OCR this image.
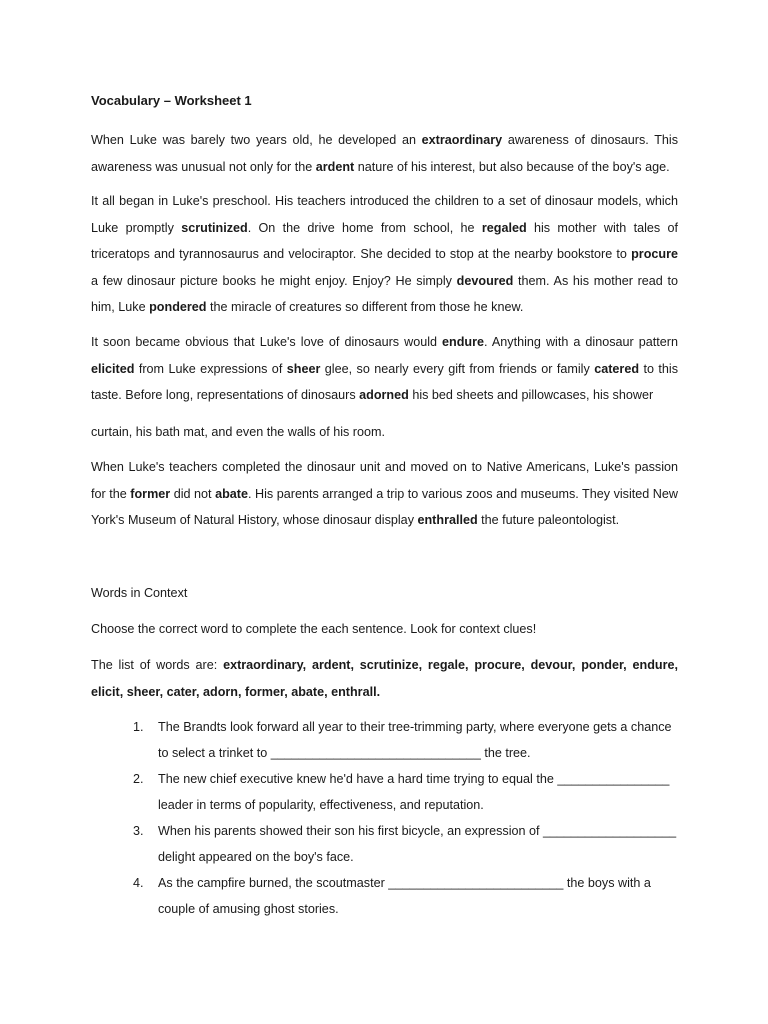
Vocabulary – Worksheet 1

When Luke was barely two years old, he developed an extraordinary awareness of dinosaurs. This awareness was unusual not only for the ardent nature of his interest, but also because of the boy's age.

It all began in Luke's preschool. His teachers introduced the children to a set of dinosaur models, which Luke promptly scrutinized. On the drive home from school, he regaled his mother with tales of triceratops and tyrannosaurus and velociraptor. She decided to stop at the nearby bookstore to procure a few dinosaur picture books he might enjoy. Enjoy? He simply devoured them. As his mother read to him, Luke pondered the miracle of creatures so different from those he knew.

It soon became obvious that Luke's love of dinosaurs would endure. Anything with a dinosaur pattern elicited from Luke expressions of sheer glee, so nearly every gift from friends or family catered to this taste. Before long, representations of dinosaurs adorned his bed sheets and pillowcases, his shower

curtain, his bath mat, and even the walls of his room.

When Luke's teachers completed the dinosaur unit and moved on to Native Americans, Luke's passion for the former did not abate. His parents arranged a trip to various zoos and museums. They visited New York's Museum of Natural History, whose dinosaur display enthralled the future paleontologist.

Words in Context

Choose the correct word to complete the each sentence. Look for context clues!

The list of words are: extraordinary, ardent, scrutinize, regale, procure, devour, ponder, endure, elicit, sheer, cater, adorn, former, abate, enthrall.

1. The Brandts look forward all year to their tree-trimming party, where everyone gets a chance to select a trinket to ______________________________ the tree.
2. The new chief executive knew he'd have a hard time trying to equal the ________________ leader in terms of popularity, effectiveness, and reputation.
3. When his parents showed their son his first bicycle, an expression of ___________________ delight appeared on the boy's face.
4. As the campfire burned, the scoutmaster _________________________ the boys with a couple of amusing ghost stories.
